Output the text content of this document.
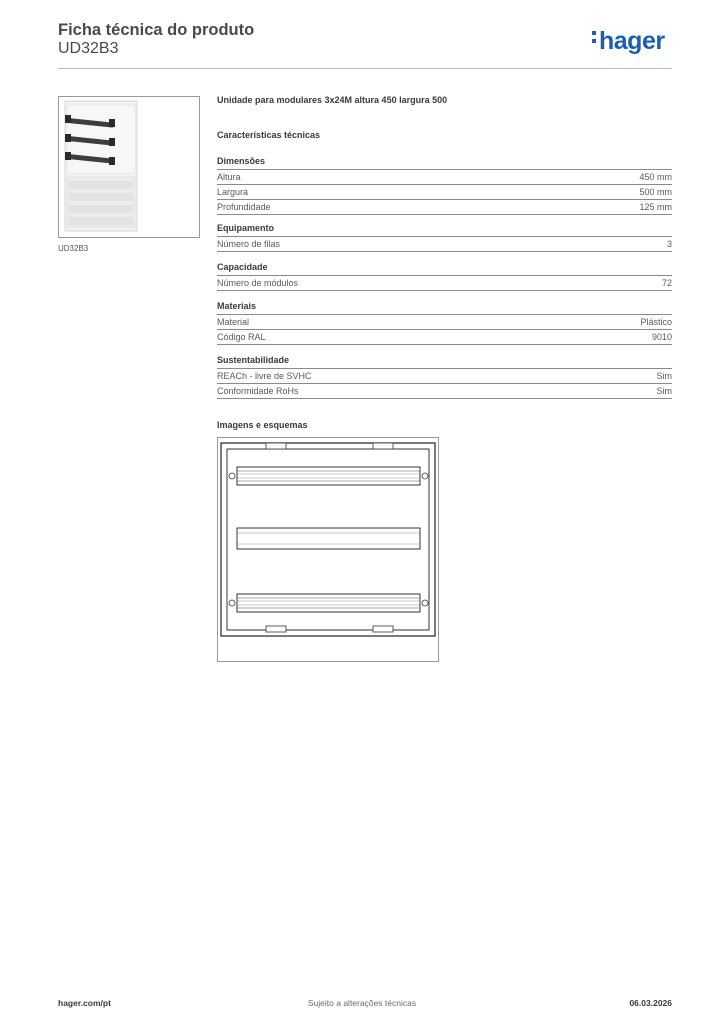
Ficha técnica do produto
UD32B3	hager
UD32B3
Unidade para modulares 3x24M altura 450 largura 500
Características técnicas
Dimensões
Altura	450 mm
Largura	500 mm
Profundidade	125 mm
Equipamento
Número de filas	3
Capacidade
Número de módulos	72
Materiais
Material	Plástico
Código RAL	9010
Sustentabilidade
REACh - livre de SVHC	Sim
Conformidade RoHs	Sim
Imagens e esquemas
hager.com/pt	Sujeito a alterações técnicas	06.03.2026
